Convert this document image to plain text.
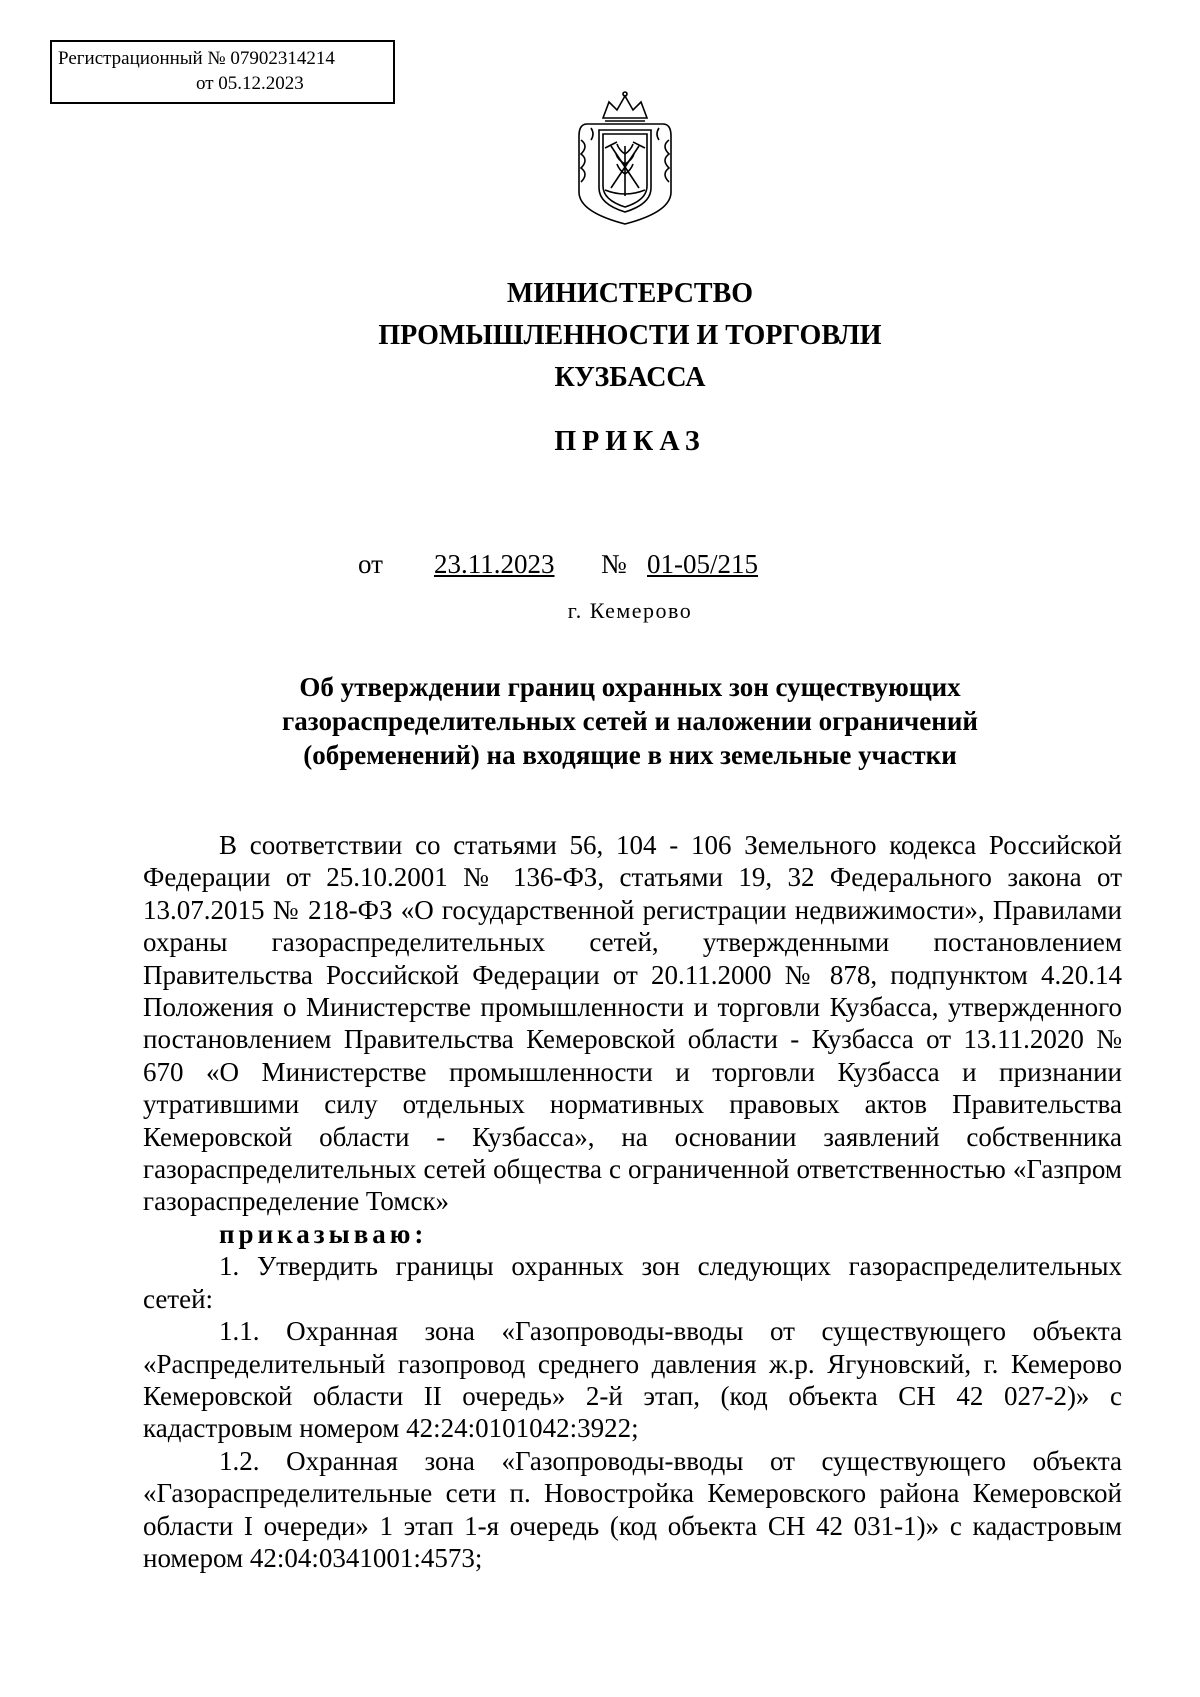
Регистрационный № 07902314214
от 05.12.2023
МИНИСТЕРСТВО
ПРОМЫШЛЕННОСТИ И ТОРГОВЛИ
КУЗБАССА
ПРИКАЗ
от 23.11.2023 № 01-05/215
г. Кемерово
Об утверждении границ охранных зон существующих
газораспределительных сетей и наложении ограничений
(обременений) на входящие в них земельные участки

В соответствии со статьями 56, 104 - 106 Земельного кодекса Российской Федерации от 25.10.2001 № 136-ФЗ, статьями 19, 32 Федерального закона от 13.07.2015 № 218-ФЗ «О государственной регистрации недвижимости», Правилами охраны газораспределительных сетей, утвержденными постановлением Правительства Российской Федерации от 20.11.2000 № 878, подпунктом 4.20.14 Положения о Министерстве промышленности и торговли Кузбасса, утвержденного постановлением Правительства Кемеровской области - Кузбасса от 13.11.2020 № 670 «О Министерстве промышленности и торговли Кузбасса и признании утратившими силу отдельных нормативных правовых актов Правительства Кемеровской области - Кузбасса», на основании заявлений собственника газораспределительных сетей общества с ограниченной ответственностью «Газпром газораспределение Томск»

приказываю:

1. Утвердить границы охранных зон следующих газораспределительных сетей:

1.1. Охранная зона «Газопроводы-вводы от существующего объекта «Распределительный газопровод среднего давления ж.р. Ягуновский, г. Кемерово Кемеровской области II очередь» 2-й этап, (код объекта СН 42 027-2)» с кадастровым номером 42:24:0101042:3922;

1.2. Охранная зона «Газопроводы-вводы от существующего объекта «Газораспределительные сети п. Новостройка Кемеровского района Кемеровской области I очереди» 1 этап 1-я очередь (код объекта СН 42 031-1)» с кадастровым номером 42:04:0341001:4573;
